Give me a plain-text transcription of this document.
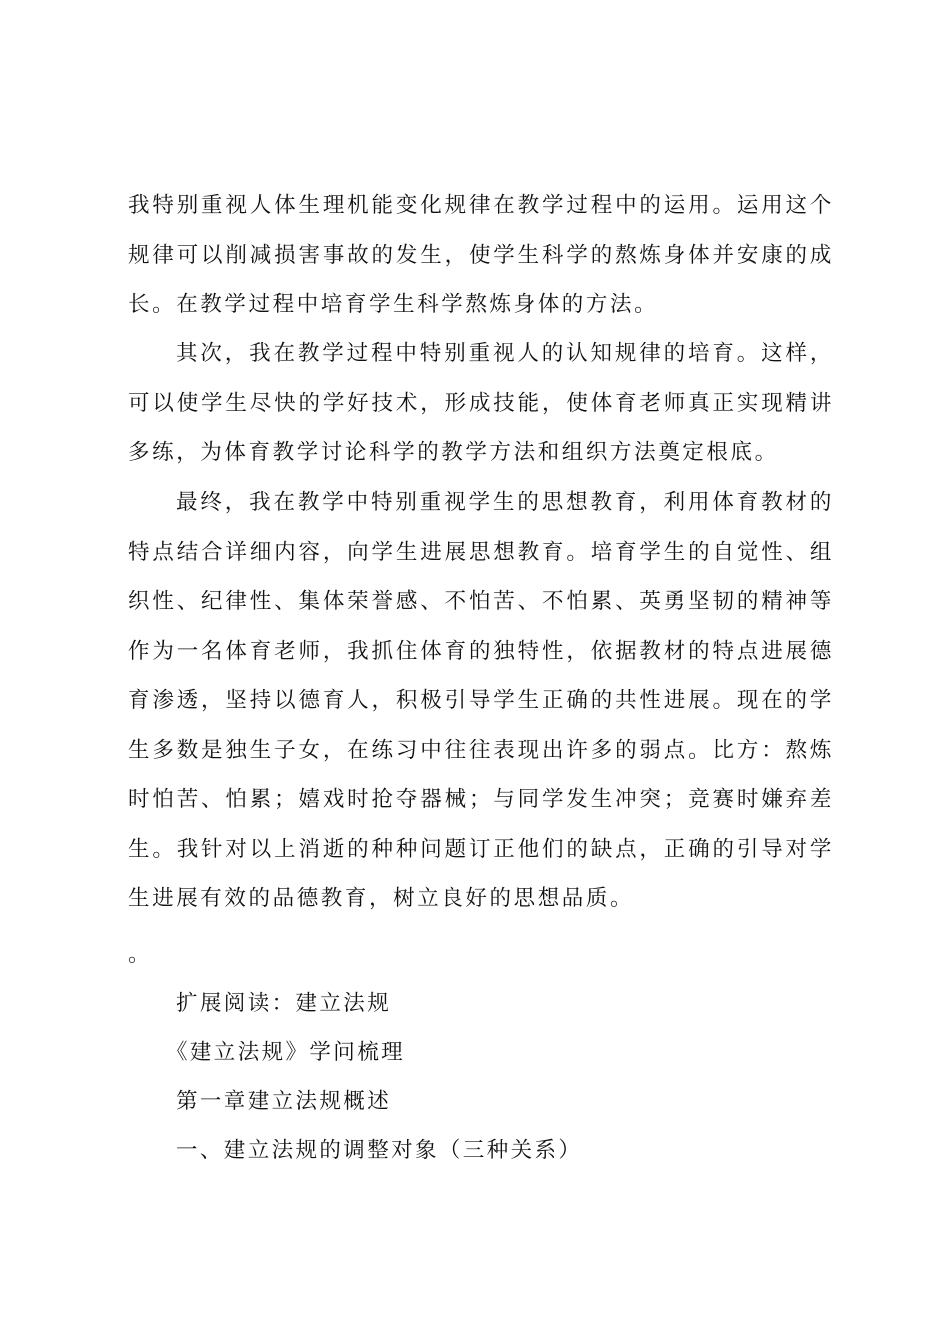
我特别重视人体生理机能变化规律在教学过程中的运用。运用这个规律可以削减损害事故的发生，使学生科学的熬炼身体并安康的成长。在教学过程中培育学生科学熬炼身体的方法。

其次，我在教学过程中特别重视人的认知规律的培育。这样，可以使学生尽快的学好技术，形成技能，使体育老师真正实现精讲多练，为体育教学讨论科学的教学方法和组织方法奠定根底。

最终，我在教学中特别重视学生的思想教育，利用体育教材的特点结合详细内容，向学生进展思想教育。培育学生的自觉性、组织性、纪律性、集体荣誉感、不怕苦、不怕累、英勇坚韧的精神等作为一名体育老师，我抓住体育的独特性，依据教材的特点进展德育渗透，坚持以德育人，积极引导学生正确的共性进展。现在的学生多数是独生子女，在练习中往往表现出许多的弱点。比方：熬炼时怕苦、怕累；嬉戏时抢夺器械；与同学发生冲突；竞赛时嫌弃差生。我针对以上消逝的种种问题订正他们的缺点，正确的引导对学生进展有效的品德教育，树立良好的思想品质。

。

扩展阅读：建立法规

《建立法规》学问梳理

第一章建立法规概述

一、建立法规的调整对象（三种关系）
